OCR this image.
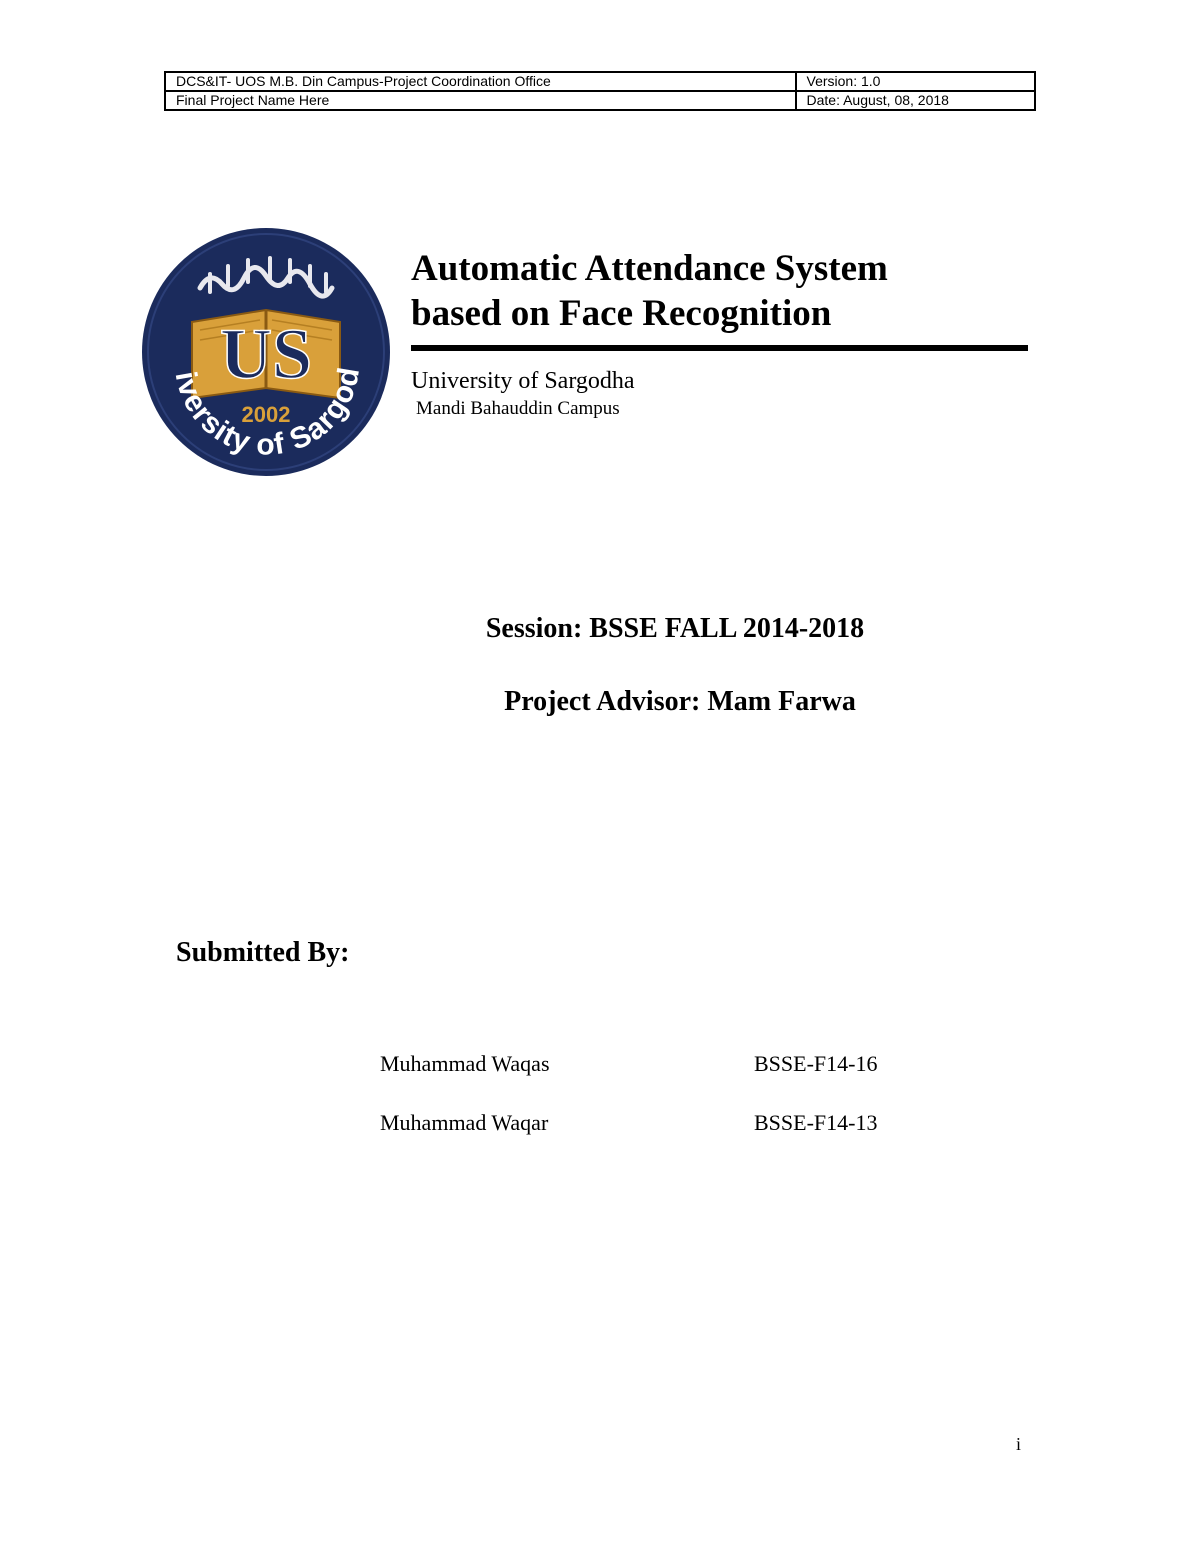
DCS&IT- UOS M.B. Din Campus-Project Coordination Office	Version: 1.0
Final Project Name Here	Date: August, 08, 2018
US
2002
iversity of Sargod
Automatic Attendance System
based on Face Recognition
University of Sargodha
Mandi Bahauddin Campus
Session: BSSE FALL 2014-2018
Project Advisor: Mam Farwa
Submitted By:
Muhammad Waqas	BSSE-F14-16
Muhammad Waqar	BSSE-F14-13
i
